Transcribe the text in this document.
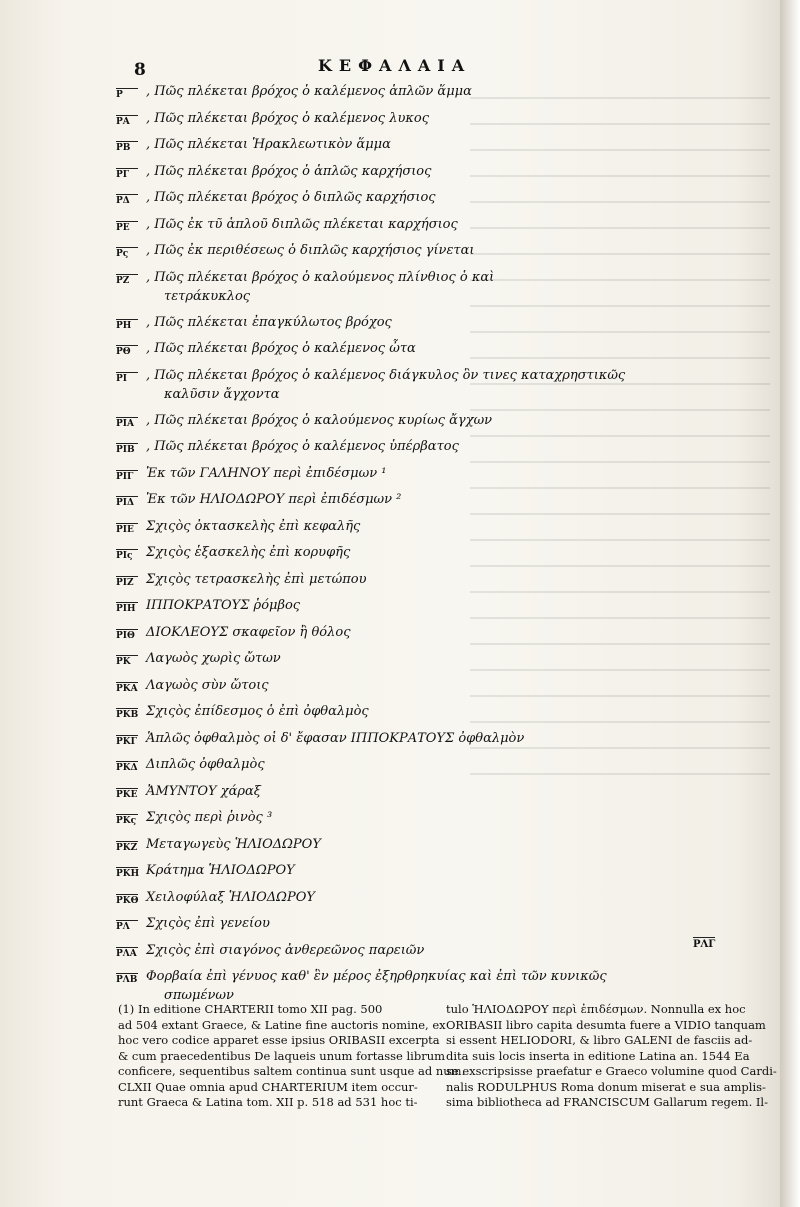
8	ΚΕΦΑΛΑΙΑ
Ρ	, Πῶς πλέκεται βρόχος ὁ καλέμενος ἁπλῶν ἅμμα
ΡΑ	, Πῶς πλέκεται βρόχος ὁ καλέμενος λυκος
ΡΒ	, Πῶς πλέκεται Ἡρακλεωτικὸν ἅμμα
ΡΓ	, Πῶς πλέκεται βρόχος ὁ ἁπλῶς καρχήσιος
ΡΔ	, Πῶς πλέκεται βρόχος ὁ διπλῶς καρχήσιος
ΡΕ	, Πῶς ἐκ τῦ ἁπλοῦ διπλῶς πλέκεται καρχήσιος
Ρς	, Πῶς ἐκ περιθέσεως ὁ διπλῶς καρχήσιος γίνεται
ΡΖ	, Πῶς πλέκεται βρόχος ὁ καλούμενος πλίνθιος ὁ καὶ
τετράκυκλος
ΡΗ	, Πῶς πλέκεται ἐπαγκύλωτος βρόχος
ΡΘ	, Πῶς πλέκεται βρόχος ὁ καλέμενος ὦτα
ΡΙ	, Πῶς πλέκεται βρόχος ὁ καλέμενος διάγκυλος ὃν τινες καταχρηστικῶς
καλῦσιν ἄγχοντα
ΡΙΑ , Πῶς πλέκεται βρόχος ὁ καλούμενος κυρίως ἄγχων
ΡΙΒ , Πῶς πλέκεται βρόχος ὁ καλέμενος ὑπέρβατος
ΡΙΓ Ἐκ τῶν ΓΑΛΗΝΟΥ περὶ ἐπιδέσμων ¹
ΡΙΔ Ἐκ τῶν ΗΛΙΟΔΩΡΟΥ περὶ ἐπιδέσμων ²
ΡΙΕ Σχιςὸς ὀκτασκελὴς ἐπὶ κεφαλῆς
ΡΙς	Σχιςὸς ἑξασκελὴς ἐπὶ κορυφῆς
ΡΙΖ Σχιςὸς τετρασκελὴς ἐπὶ μετώπου
ΡΙΗ ΙΠΠΟΚΡΑΤΟΥΣ ῥόμβος
ΡΙΘ ΔΙΟΚΛΕΟΥΣ σκαφεῖον ἢ θόλος
ΡΚ	Λαγωὸς χωρὶς ὤτων
ΡΚΑ Λαγωὸς σὺν ὤτοις
ΡΚΒ Σχιςὸς ἐπίδεσμος ὁ ἐπὶ ὀφθαλμὸς
ΡΚΓ Ἁπλῶς ὀφθαλμὸς οἱ δ' ἔφασαν ΙΠΠΟΚΡΑΤΟΥΣ ὀφθαλμὸν
ΡΚΔ Διπλῶς ὀφθαλμὸς
ΡΚΕ ἈΜΥΝΤΟΥ χάραξ
ΡΚς Σχιςὸς περὶ ῥινὸς ³
ΡΚΖ Μεταγωγεὺς ἩΛΙΟΔΩΡΟΥ
ΡΚΗ Κράτημα ἩΛΙΟΔΩΡΟΥ
ΡΚΘ Χειλοφύλαξ ἩΛΙΟΔΩΡΟΥ
ΡΛ	Σχιςὸς ἐπὶ γενείου
ΡΛΑ Σχιςὸς ἐπὶ σιαγόνος ἀνθερεῶνος παρειῶν
ΡΛΒ Φορβαία ἐπὶ γένυος καθ' ἓν μέρος ἐξηρθρηκυίας καὶ ἐπὶ τῶν κυνικῶς
σπωμένων
ΡΛΓ
(1) In editione CHARTERII tomo XII pag. 500
ad 504 extant Graece, & Latine fine auctoris nomine, ex
hoc vero codice apparet esse ipsius ORIBASII excerpta
& cum praecedentibus De laqueis unum fortasse librum
conficere, sequentibus saltem continua sunt usque ad num.
CLXII Quae omnia apud CHARTERIUM item occur-
runt Graeca & Latina tom. XII p. 518 ad 531 hoc ti-
tulo ἩΛΙΟΔΩΡΟΥ περὶ ἐπιδέσμων. Nonnulla ex hoc
ORIBASII libro capita desumta fuere a VIDIO tanquam
si essent HELIODORI, & libro GALENI de fasciis ad-
dita suis locis inserta in editione Latina an. 1544 Ea
se exscripsisse praefatur e Graeco volumine quod Cardi-
nalis RODULPHUS Roma donum miserat e sua amplis-
sima bibliotheca ad FRANCISCUM Gallarum regem. Il-
